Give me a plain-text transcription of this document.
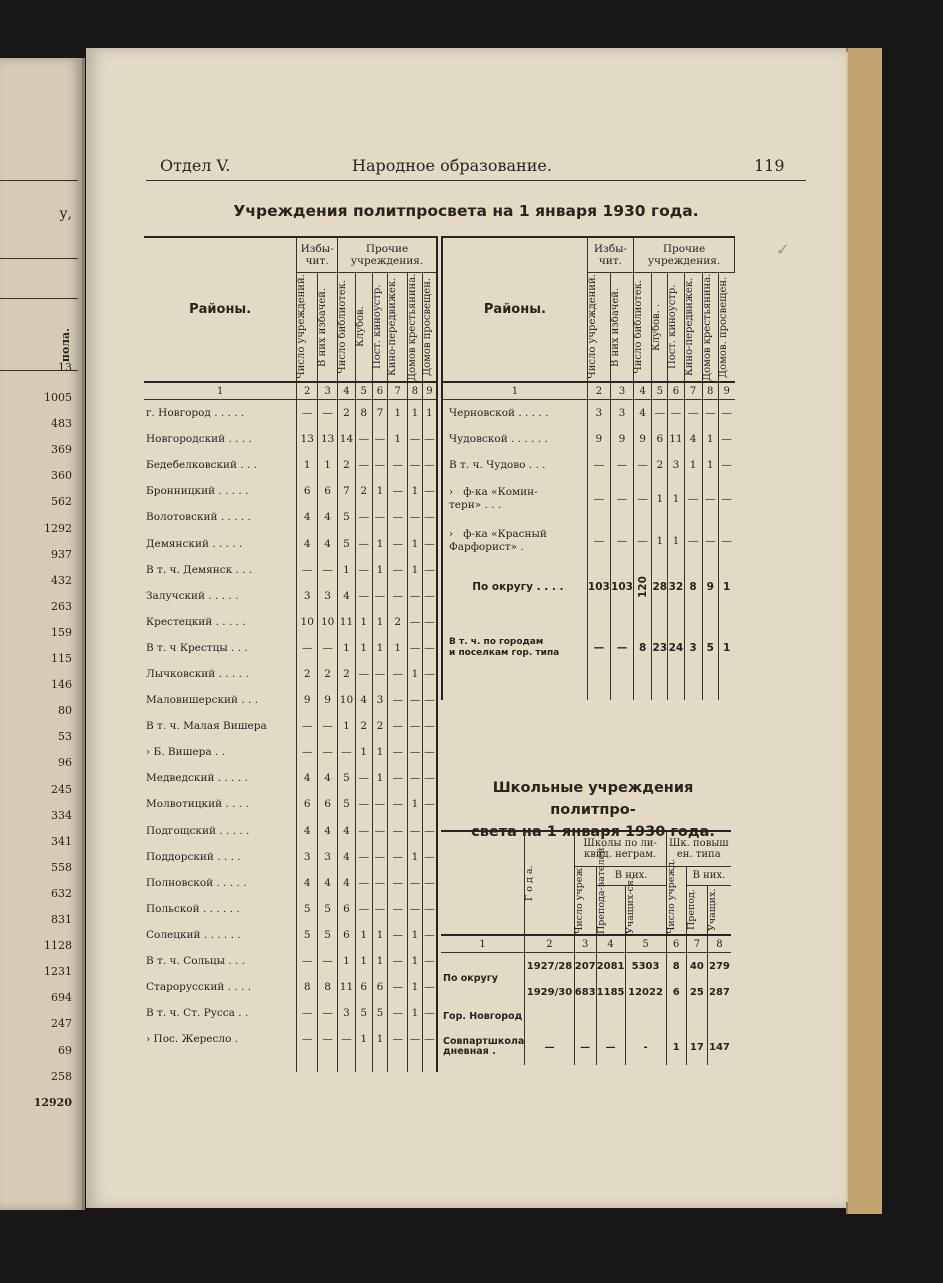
__
у,
пола.
13
1005
483
369
360
562
1292
937
432
263
159
115
146
80
53
96
245
334
341
558
632
831
1128
1231
694
247
69
258
12920
Отдел V.	Народное образование.	119
Учреждения политпросвета на 1 января 1930 года.
✓
Районы.	Избы-чит.		Прочие учреждения.					

	Число учреждений.	В них избачей.	Число библиотек.	Клубов.	Пост. киноустр.	Кино-передвижек.	Домов крестьянина.	Домов просвещен.

1	2	3	4	5	6	7	8	9
г. Новгород . . . . .	—	—	2	8	7	1	1	1
Новгородский . . . .	13	13	14	—	—	1	—	—
Бедебелковский . . .	1	1	2	—	—	—	—	—
Бронницкий . . . . .	6	6	7	2	1	—	1	—
Волотовский . . . . .	4	4	5	—	—	—	—	—
Демянский . . . . .	4	4	5	—	1	—	1	—
В т. ч. Демянск . . .	—	—	1	—	1	—	1	—
Залучский . . . . .	3	3	4	—	—	—	—	—
Крестецкий . . . . .	10	10	11	1	1	2	—	—
В т. ч Крестцы . . .	—	—	1	1	1	1	—	—
Лычковский . . . . .	2	2	2	—	—	—	1	—
Маловишерский . . .	9	9	10	4	3	—	—	—
В т. ч. Малая Вишера	—	—	1	2	2	—	—	—
› Б. Вишера . .	—	—	—	1	1	—	—	—
Медведский . . . . .	4	4	5	—	1	—	—	—
Молвотицкий . . . .	6	6	5	—	—	—	1	—
Подгощский . . . . .	4	4	4	—	—	—	—	—
Поддорский . . . .	3	3	4	—	—	—	1	—
Полновской . . . . .	4	4	4	—	—	—	—	—
Польской . . . . . .	5	5	6	—	—	—	—	—
Солецкий . . . . . .	5	5	6	1	1	—	1	—
В т. ч. Сольцы . . .	—	—	1	1	1	—	1	—
Старорусский . . . .	8	8	11	6	6	—	1	—
В т. ч. Ст. Русса . .	—	—	3	5	5	—	1	—
› Пос. Жересло .	—	—	—	1	1	—	—	—

Районы.	Избы-чит.		Прочие учреждения.					

	Число учреждений.	В них избачей.	Число библиотек.	Клубов. .	Пост. киноустр.	Кино-передвижек.	Домов крестьянина.	Домов. просвещен.

1	2	3	4	5	6	7	8	9
Черновской . . . . .	3	3	4	—	—	—	—	—
Чудовской . . . . . .	9	9	9	6	11	4	1	—
В т. ч. Чудово . . .	—	—	—	2	3	1	1	—
›   ф-ка «Комин-
терн» . . .	—	—	—	1	1	—	—	—
›   ф-ка «Красный
Фарфорист» .	—	—	—	1	1	—	—	—
По округу . . . .	103	103	120	28	32	8	9	1
В т. ч. по городам
и поселкам гор. типа	—	—	8	23	24	3	5	1

Школьные учреждения политпро-
света на 1 января 1930 года.

	Г о д а.	Школы по ли-квид. неграм.			Шк. повыш ен. типа		

		Число учреж.	В них.		Число учрежд.	В них.	

			Препода-вателей.	Учащих-ся.		Препод.	Учащих.

1	2	3	4	5	6	7	8
По округу	1927/28	207	2081	5303	8	40	279
	1929/30	683	1185	12022	6	25	287
Гор. Новгород							
Совпартшкола дневная .	—	—	—	-	1	17	147
